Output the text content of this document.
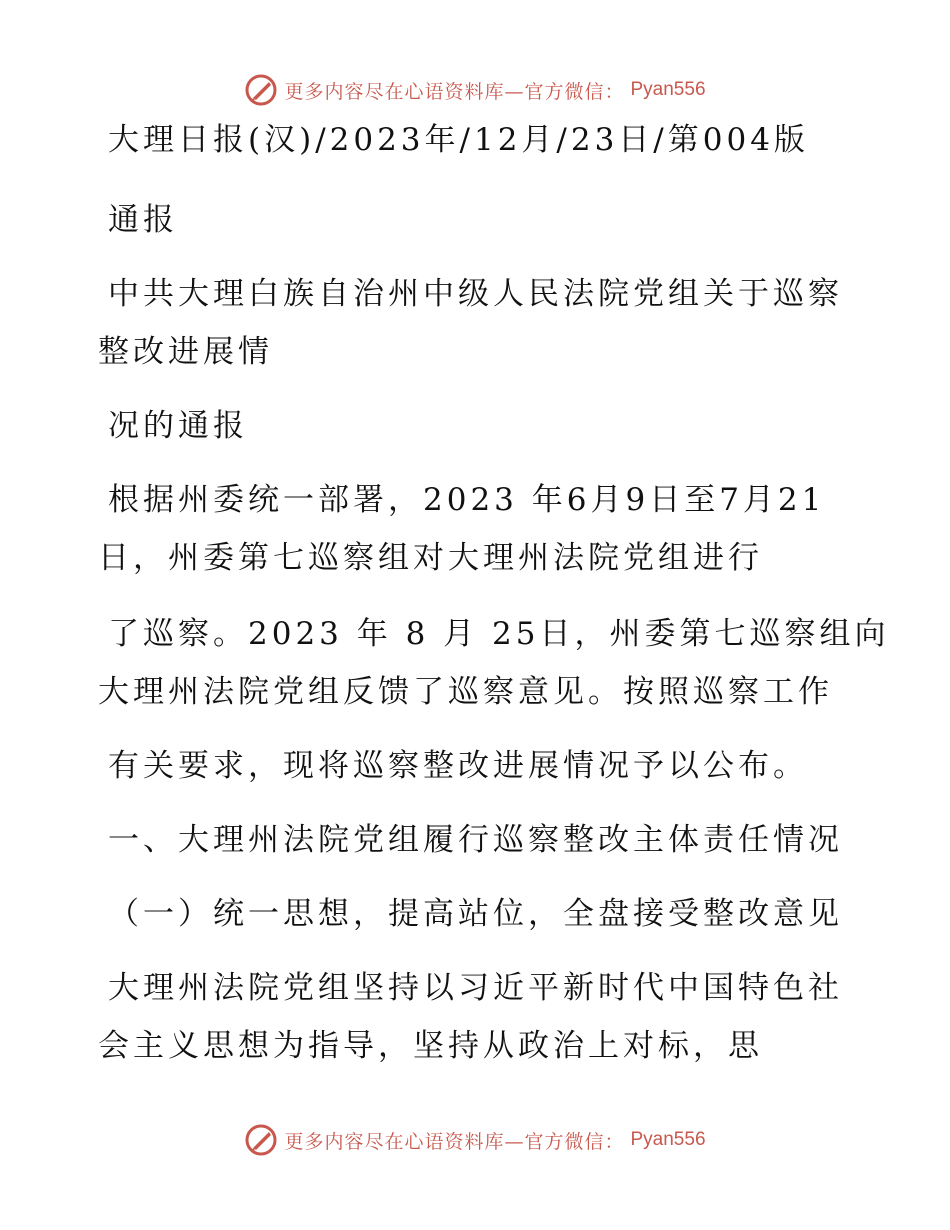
更多内容尽在心语资料库—官方微信： Pyan556
大理日报(汉)/2023年/12月/23日/第004版
通报
中共大理白族自治州中级人民法院党组关于巡察
整改进展情
况的通报
根据州委统一部署，2023 年6月9日至7月21
日，州委第七巡察组对大理州法院党组进行
了巡察。2023 年 8 月 25日，州委第七巡察组向
大理州法院党组反馈了巡察意见。按照巡察工作
有关要求，现将巡察整改进展情况予以公布。
一、大理州法院党组履行巡察整改主体责任情况
（一）统一思想，提高站位，全盘接受整改意见
大理州法院党组坚持以习近平新时代中国特色社
会主义思想为指导，坚持从政治上对标，思
更多内容尽在心语资料库—官方微信： Pyan556
